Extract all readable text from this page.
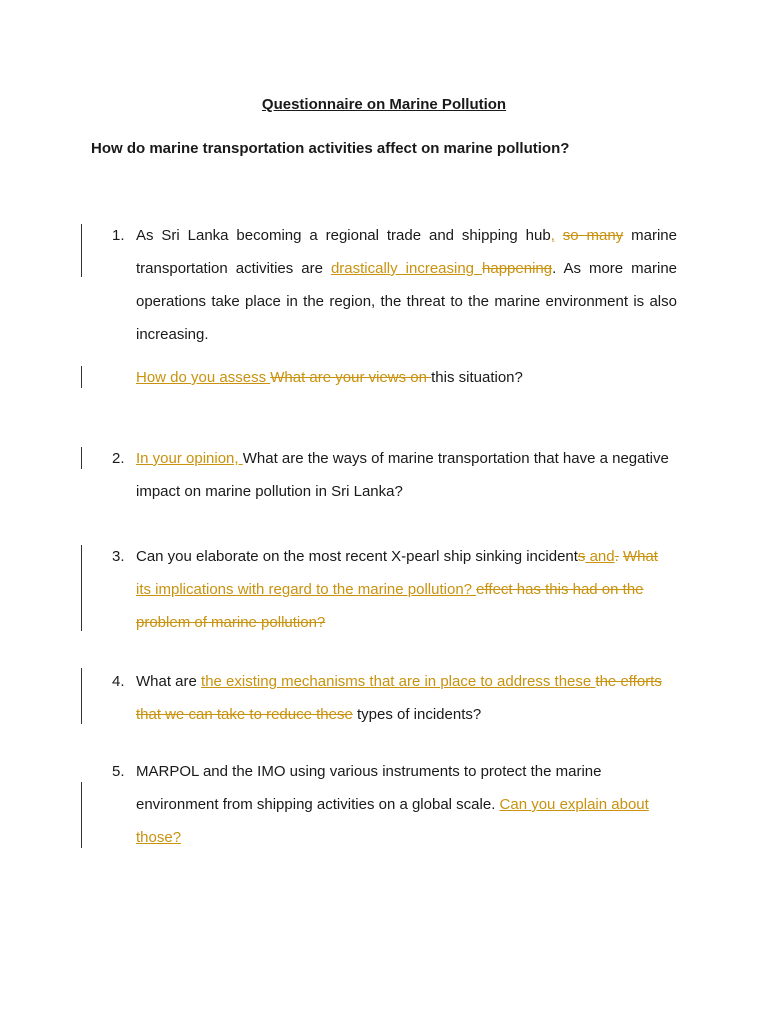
Questionnaire on Marine Pollution
How do marine transportation activities affect on marine pollution?
1. As Sri Lanka becoming a regional trade and shipping hub, so many marine transportation activities are drastically increasing happening. As more marine operations take place in the region, the threat to the marine environment is also increasing.
How do you assess What are your views on this situation?
2. In your opinion, What are the ways of marine transportation that have a negative impact on marine pollution in Sri Lanka?
3. Can you elaborate on the most recent X-pearl ship sinking incidents and. What its implications with regard to the marine pollution? effect has this had on the problem of marine pollution?
4. What are the existing mechanisms that are in place to address these the efforts that we can take to reduce these types of incidents?
5. MARPOL and the IMO using various instruments to protect the marine environment from shipping activities on a global scale. Can you explain about those?
